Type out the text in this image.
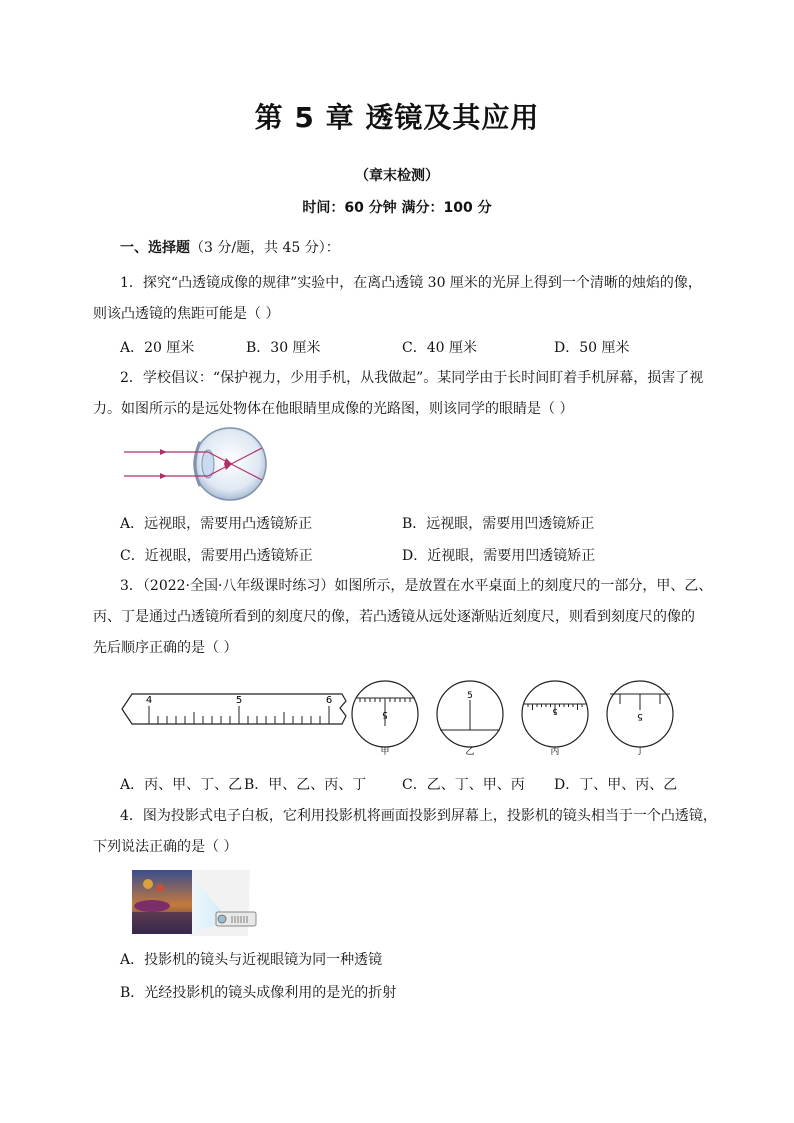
第 5 章 透镜及其应用
（章末检测）
时间：60 分钟 满分：100 分
一、选择题（3 分/题，共 45 分）：
1．探究“凸透镜成像的规律”实验中，在离凸透镜 30 厘米的光屏上得到一个清晰的烛焰的像，
则该凸透镜的焦距可能是（ ）
A．20 厘米	B．30 厘米	C．40 厘米	D．50 厘米
2．学校倡议：“保护视力，少用手机，从我做起”。某同学由于长时间盯着手机屏幕，损害了视
力。如图所示的是远处物体在他眼睛里成像的光路图，则该同学的眼睛是（ ）
A．远视眼，需要用凸透镜矫正	B．远视眼，需要用凹透镜矫正
C．近视眼，需要用凸透镜矫正	D．近视眼，需要用凹透镜矫正
3．（2022·全国·八年级课时练习）如图所示，是放置在水平桌面上的刻度尺的一部分，甲、乙、
丙、丁是通过凸透镜所看到的刻度尺的像，若凸透镜从远处逐渐贴近刻度尺，则看到刻度尺的像的
先后顺序正确的是（ ）
4	5	6
5
甲
5
乙
5
丙
5
丁
A．丙、甲、丁、乙 B．甲、乙、丙、丁	C．乙、丁、甲、丙 D．丁、甲、丙、乙
4．图为投影式电子白板，它利用投影机将画面投影到屏幕上，投影机的镜头相当于一个凸透镜，
下列说法正确的是（ ）
A．投影机的镜头与近视眼镜为同一种透镜
B．光经投影机的镜头成像利用的是光的折射
